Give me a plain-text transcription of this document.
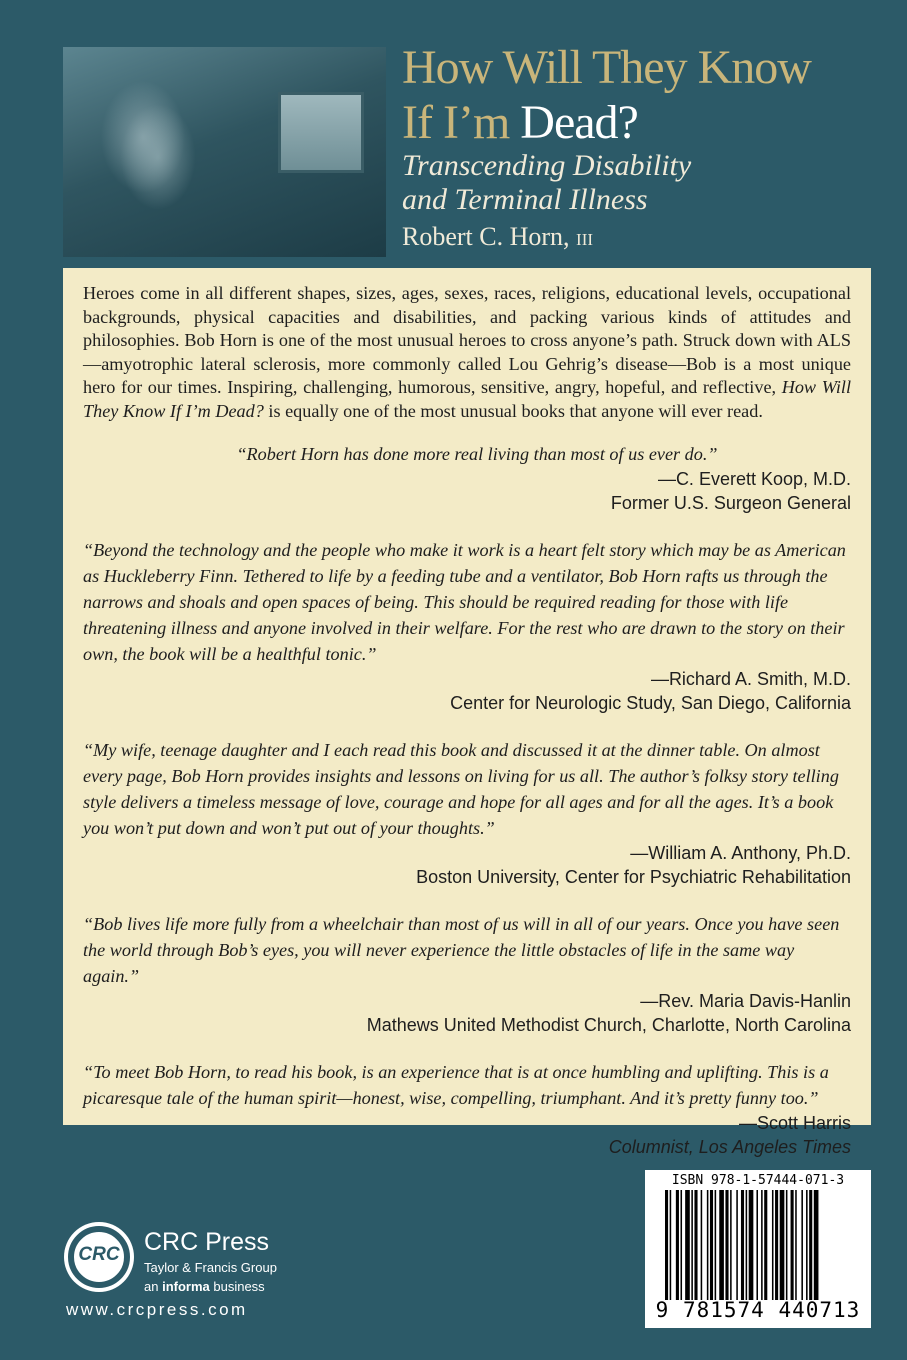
How Will They Know
If I’m Dead?

Transcending Disability
and Terminal Illness

Robert C. Horn, III

Heroes come in all different shapes, sizes, ages, sexes, races, religions, educational levels, occupational backgrounds, physical capacities and disabilities, and packing various kinds of attitudes and philosophies. Bob Horn is one of the most unusual heroes to cross anyone’s path. Struck down with ALS—amyotrophic lateral sclerosis, more commonly called Lou Gehrig’s disease—Bob is a most unique hero for our times. Inspiring, challenging, humorous, sensitive, angry, hopeful, and reflective, How Will They Know If I’m Dead? is equally one of the most unusual books that anyone will ever read.

“Robert Horn has done more real living than most of us ever do.”

—C. Everett Koop, M.D.

Former U.S. Surgeon General

“Beyond the technology and the people who make it work is a heart felt story which may be as American as Huckleberry Finn. Tethered to life by a feeding tube and a ventilator, Bob Horn rafts us through the narrows and shoals and open spaces of being. This should be required reading for those with life threatening illness and anyone involved in their welfare. For the rest who are drawn to the story on their own, the book will be a healthful tonic.”

—Richard A. Smith, M.D.

Center for Neurologic Study, San Diego, California

“My wife, teenage daughter and I each read this book and discussed it at the dinner table. On almost every page, Bob Horn provides insights and lessons on living for us all. The author’s folksy story telling style delivers a timeless message of love, courage and hope for all ages and for all the ages. It’s a book you won’t put down and won’t put out of your thoughts.”

—William A. Anthony, Ph.D.

Boston University, Center for Psychiatric Rehabilitation

“Bob lives life more fully from a wheelchair than most of us will in all of our years. Once you have seen the world through Bob’s eyes, you will never experience the little obstacles of life in the same way again.”

—Rev. Maria Davis-Hanlin

Mathews United Methodist Church, Charlotte, North Carolina

“To meet Bob Horn, to read his book, is an experience that is at once humbling and uplifting. This is a picaresque tale of the human spirit—honest, wise, compelling, triumphant. And it’s pretty funny too.”

—Scott Harris

Columnist, Los Angeles Times

CRC CRC Press
Taylor & Francis Group
an informa business
www.crcpress.com
ISBN 978-1-57444-071-3
9 781574 440713
